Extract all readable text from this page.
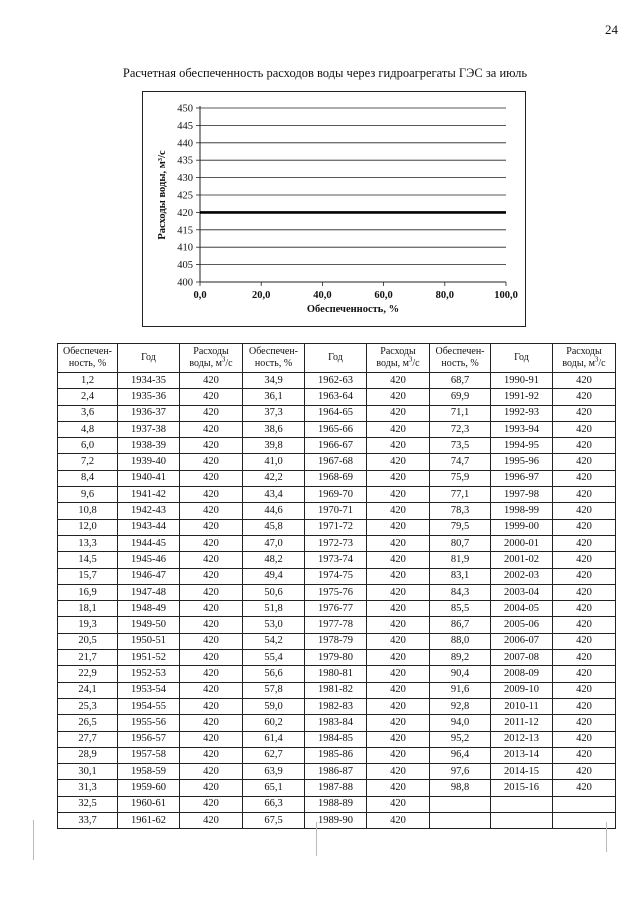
24
Расчетная обеспеченность расходов воды через гидроагрегаты ГЭС за июль
400
405
410
415
420
425
430
435
440
445
450
0,0	20,0	40,0	60,0	80,0	100,0
Обеспеченность, %
Расходы воды, м³/с
Обеспечен-
ность, %	Год	Расходы
воды, $м^3/с$	Обеспечен-
ность, %	Год	Расходы
воды, $м^3/с$	Обеспечен-
ность, %	Год	Расходы
воды, $м^3/с$

1,2	1934-35	420	34,9	1962-63	420	68,7	1990-91	420
2,4	1935-36	420	36,1	1963-64	420	69,9	1991-92	420
3,6	1936-37	420	37,3	1964-65	420	71,1	1992-93	420
4,8	1937-38	420	38,6	1965-66	420	72,3	1993-94	420
6,0	1938-39	420	39,8	1966-67	420	73,5	1994-95	420
7,2	1939-40	420	41,0	1967-68	420	74,7	1995-96	420
8,4	1940-41	420	42,2	1968-69	420	75,9	1996-97	420
9,6	1941-42	420	43,4	1969-70	420	77,1	1997-98	420
10,8	1942-43	420	44,6	1970-71	420	78,3	1998-99	420
12,0	1943-44	420	45,8	1971-72	420	79,5	1999-00	420
13,3	1944-45	420	47,0	1972-73	420	80,7	2000-01	420
14,5	1945-46	420	48,2	1973-74	420	81,9	2001-02	420
15,7	1946-47	420	49,4	1974-75	420	83,1	2002-03	420
16,9	1947-48	420	50,6	1975-76	420	84,3	2003-04	420
18,1	1948-49	420	51,8	1976-77	420	85,5	2004-05	420
19,3	1949-50	420	53,0	1977-78	420	86,7	2005-06	420
20,5	1950-51	420	54,2	1978-79	420	88,0	2006-07	420
21,7	1951-52	420	55,4	1979-80	420	89,2	2007-08	420
22,9	1952-53	420	56,6	1980-81	420	90,4	2008-09	420
24,1	1953-54	420	57,8	1981-82	420	91,6	2009-10	420
25,3	1954-55	420	59,0	1982-83	420	92,8	2010-11	420
26,5	1955-56	420	60,2	1983-84	420	94,0	2011-12	420
27,7	1956-57	420	61,4	1984-85	420	95,2	2012-13	420
28,9	1957-58	420	62,7	1985-86	420	96,4	2013-14	420
30,1	1958-59	420	63,9	1986-87	420	97,6	2014-15	420
31,3	1959-60	420	65,1	1987-88	420	98,8	2015-16	420
32,5	1960-61	420	66,3	1988-89	420			
33,7	1961-62	420	67,5	1989-90	420			
